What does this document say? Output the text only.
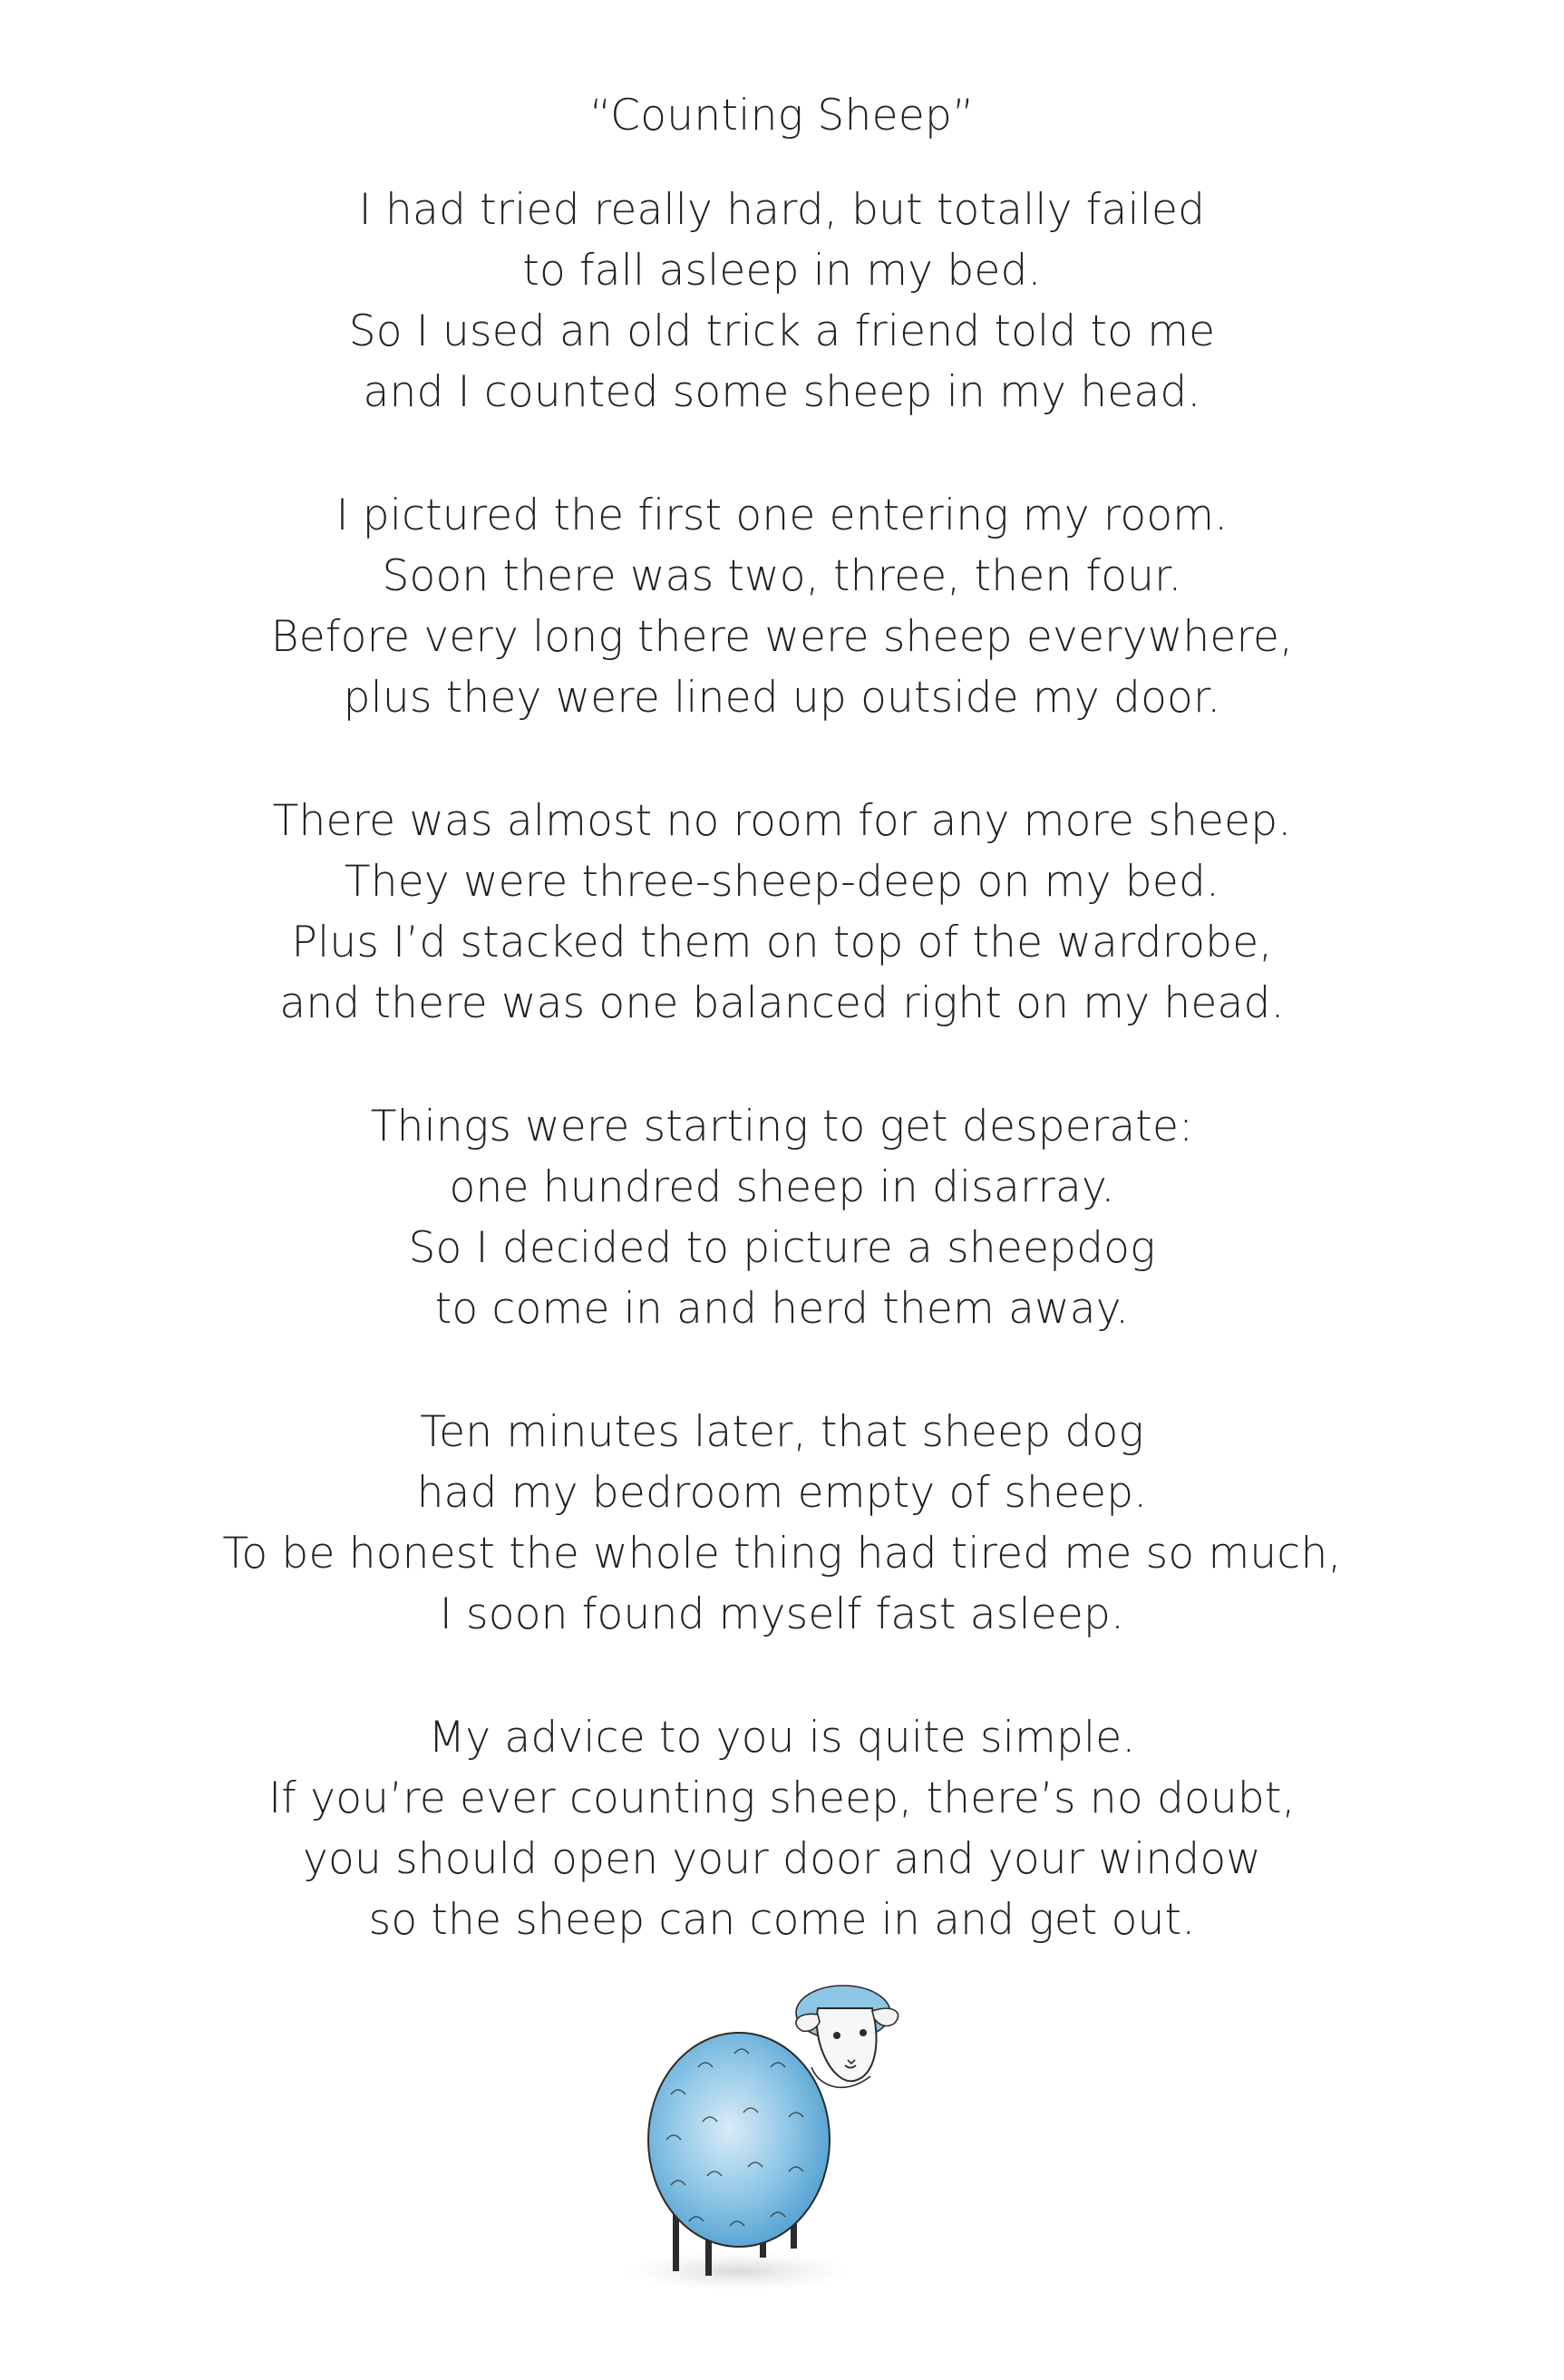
“Counting Sheep”
I had tried really hard, but totally failed
to fall asleep in my bed.
So I used an old trick a friend told to me
and I counted some sheep in my head.
I pictured the first one entering my room.
Soon there was two, three, then four.
Before very long there were sheep everywhere,
plus they were lined up outside my door.
There was almost no room for any more sheep.
They were three-sheep-deep on my bed.
Plus I’d stacked them on top of the wardrobe,
and there was one balanced right on my head.
Things were starting to get desperate:
one hundred sheep in disarray.
So I decided to picture a sheepdog
to come in and herd them away.
Ten minutes later, that sheep dog
had my bedroom empty of sheep.
To be honest the whole thing had tired me so much,
I soon found myself fast asleep.
My advice to you is quite simple.
If you’re ever counting sheep, there’s no doubt,
you should open your door and your window
so the sheep can come in and get out.
